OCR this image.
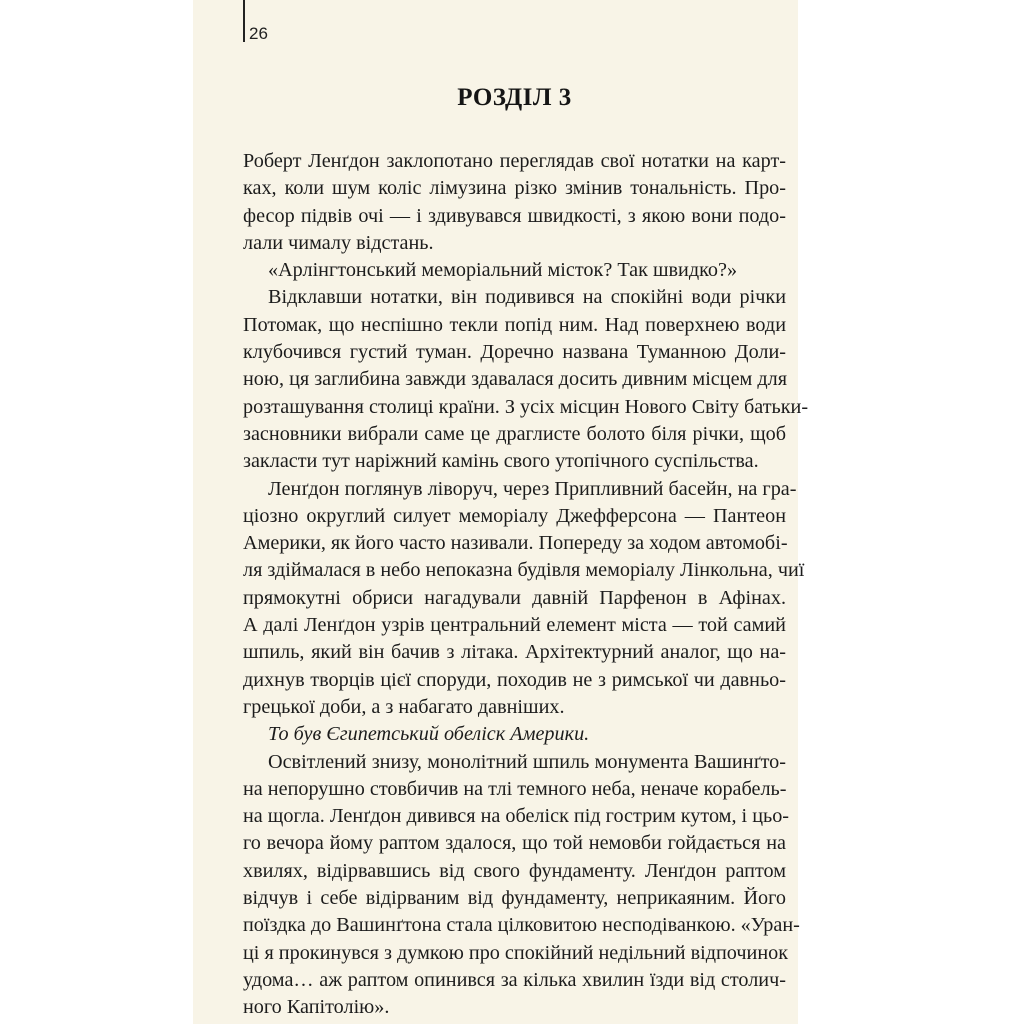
26
РОЗДІЛ 3
Роберт Ленґдон заклопотано переглядав свої нотатки на карт-
ках, коли шум коліс лімузина різко змінив тональність. Про-
фесор підвів очі — і здивувався швидкості, з якою вони подо-
лали чималу відстань.
«Арлінгтонський меморіальний місток? Так швидко?»
Відклавши нотатки, він подивився на спокійні води річки
Потомак, що неспішно текли попід ним. Над поверхнею води
клубочився густий туман. Доречно названа Туманною Доли-
ною, ця заглибина завжди здавалася досить дивним місцем для
розташування столиці країни. З усіх місцин Нового Світу батьки-
засновники вибрали саме це драглисте болото біля річки, щоб
закласти тут наріжний камінь свого утопічного суспільства.
Ленґдон поглянув ліворуч, через Припливний басейн, на гра-
ціозно округлий силует меморіалу Джефферсона — Пантеон
Америки, як його часто називали. Попереду за ходом автомобі-
ля здіймалася в небо непоказна будівля меморіалу Лінкольна, чиї
прямокутні обриси нагадували давній Парфенон в Афінах.
А далі Ленґдон узрів центральний елемент міста — той самий
шпиль, який він бачив з літака. Архітектурний аналог, що на-
дихнув творців цієї споруди, походив не з римської чи давньо-
грецької доби, а з набагато давніших.
То був Єгипетський обеліск Америки.
Освітлений знизу, монолітний шпиль монумента Вашинґто-
на непорушно стовбичив на тлі темного неба, неначе корабель-
на щогла. Ленґдон дивився на обеліск під гострим кутом, і цьо-
го вечора йому раптом здалося, що той немовби гойдається на
хвилях, відірвавшись від свого фундаменту. Ленґдон раптом
відчув і себе відірваним від фундаменту, неприкаяним. Його
поїздка до Вашинґтона стала цілковитою несподіванкою. «Уран-
ці я прокинувся з думкою про спокійний недільний відпочинок
удома… аж раптом опинився за кілька хвилин їзди від столич-
ного Капітолію».
